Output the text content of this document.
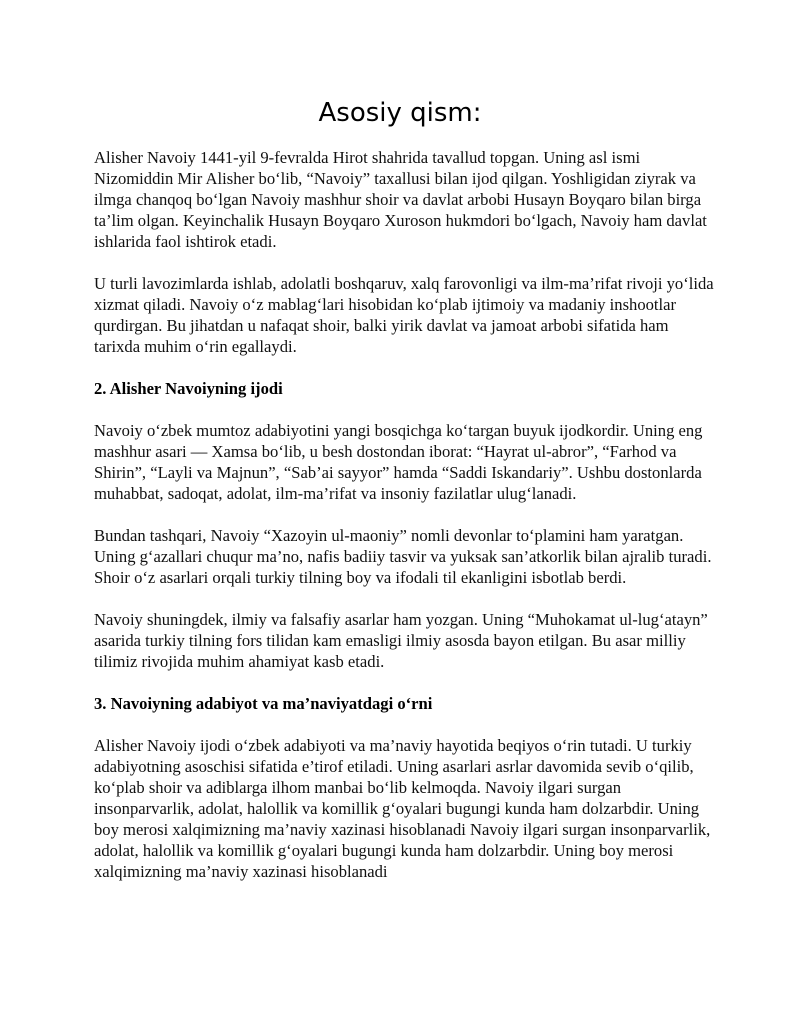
Asosiy qism:

Alisher Navoiy 1441-yil 9-fevralda Hirot shahrida tavallud topgan. Uning asl ismi Nizomiddin Mir Alisher bo‘lib, “Navoiy” taxallusi bilan ijod qilgan. Yoshligidan ziyrak va ilmga chanqoq bo‘lgan Navoiy mashhur shoir va davlat arbobi Husayn Boyqaro bilan birga ta’lim olgan. Keyinchalik Husayn Boyqaro Xuroson hukmdori bo‘lgach, Navoiy ham davlat ishlarida faol ishtirok etadi.

U turli lavozimlarda ishlab, adolatli boshqaruv, xalq farovonligi va ilm-ma’rifat rivoji yo‘lida xizmat qiladi. Navoiy o‘z mablag‘lari hisobidan ko‘plab ijtimoiy va madaniy inshootlar qurdirgan. Bu jihatdan u nafaqat shoir, balki yirik davlat va jamoat arbobi sifatida ham tarixda muhim o‘rin egallaydi.

2. Alisher Navoiyning ijodi

Navoiy o‘zbek mumtoz adabiyotini yangi bosqichga ko‘targan buyuk ijodkordir. Uning eng mashhur asari — Xamsa bo‘lib, u besh dostondan iborat: “Hayrat ul-abror”, “Farhod va Shirin”, “Layli va Majnun”, “Sab’ai sayyor” hamda “Saddi Iskandariy”. Ushbu dostonlarda muhabbat, sadoqat, adolat, ilm-ma’rifat va insoniy fazilatlar ulug‘lanadi.

Bundan tashqari, Navoiy “Xazoyin ul-maoniy” nomli devonlar to‘plamini ham yaratgan. Uning g‘azallari chuqur ma’no, nafis badiiy tasvir va yuksak san’atkorlik bilan ajralib turadi. Shoir o‘z asarlari orqali turkiy tilning boy va ifodali til ekanligini isbotlab berdi.

Navoiy shuningdek, ilmiy va falsafiy asarlar ham yozgan. Uning “Muhokamat ul-lug‘atayn” asarida turkiy tilning fors tilidan kam emasligi ilmiy asosda bayon etilgan. Bu asar milliy tilimiz rivojida muhim ahamiyat kasb etadi.

3. Navoiyning adabiyot va ma’naviyatdagi o‘rni

Alisher Navoiy ijodi o‘zbek adabiyoti va ma’naviy hayotida beqiyos o‘rin tutadi. U turkiy adabiyotning asoschisi sifatida e’tirof etiladi. Uning asarlari asrlar davomida sevib o‘qilib, ko‘plab shoir va adiblarga ilhom manbai bo‘lib kelmoqda. Navoiy ilgari surgan insonparvarlik, adolat, halollik va komillik g‘oyalari bugungi kunda ham dolzarbdir. Uning boy merosi xalqimizning ma’naviy xazinasi hisoblanadi Navoiy ilgari surgan insonparvarlik, adolat, halollik va komillik g‘oyalari bugungi kunda ham dolzarbdir. Uning boy merosi xalqimizning ma’naviy xazinasi hisoblanadi
